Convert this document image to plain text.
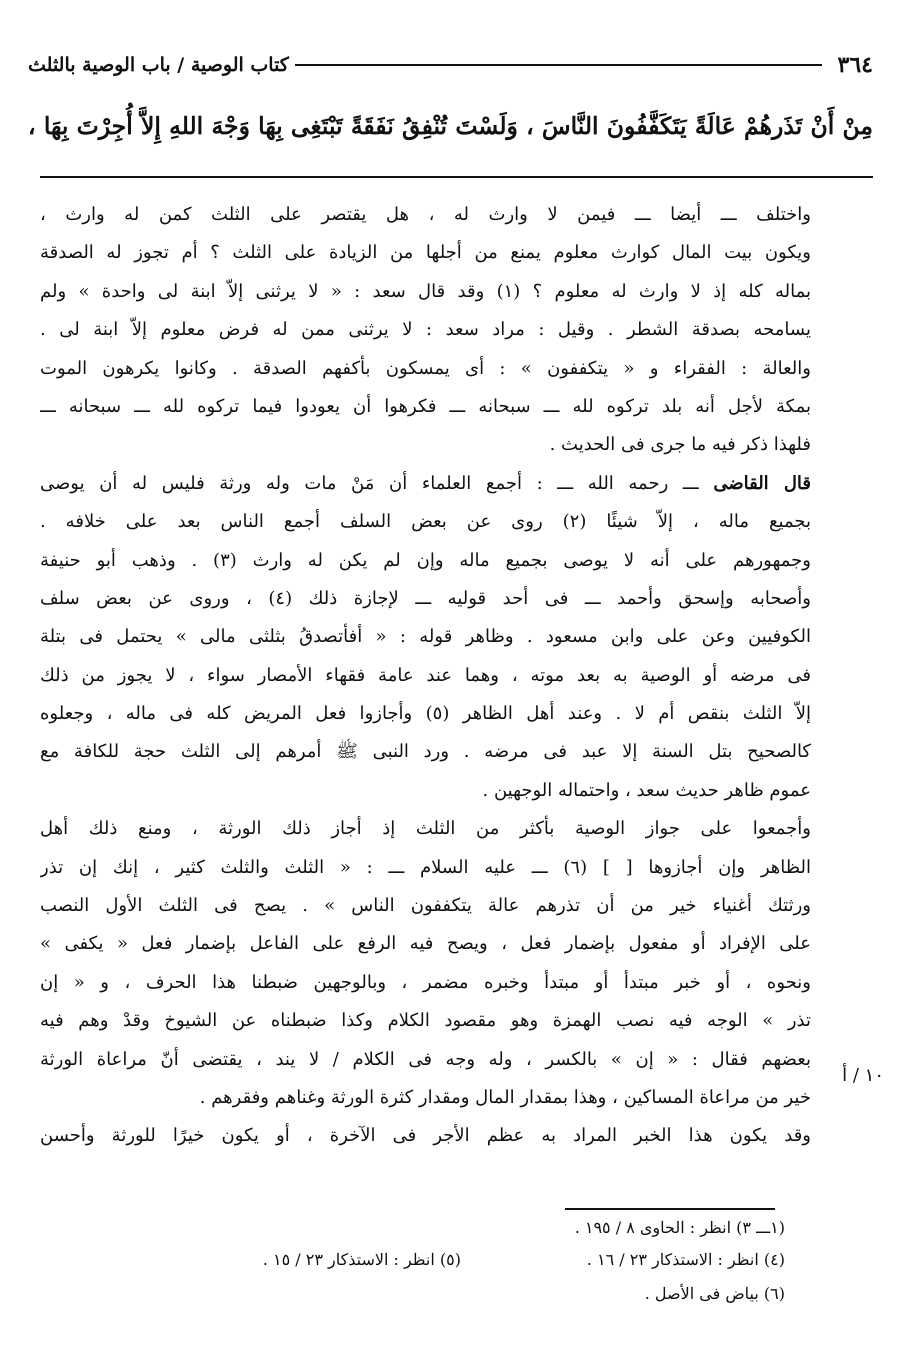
٣٦٤
كتاب الوصية / باب الوصية بالثلث
مِنْ أَنْ تَذَرهُمْ عَالَةً يَتَكَفَّفُونَ النَّاسَ ، وَلَسْتَ تُنْفِقُ نَفَقَةً تَبْتَغِى بِهَا وَجْهَ اللهِ إِلاَّ أُجِرْتَ بِهَا ،
واختلف ـــ أيضا ـــ فيمن لا وارث له ، هل يقتصر على الثلث كمن له وارث ،
ويكون بيت المال كوارث معلوم يمنع من أجلها من الزيادة على الثلث ؟ أم تجوز له الصدقة
بماله كله إذ لا وارث له معلوم ؟ (١) وقد قال سعد : « لا يرثنى إلاّ ابنة لى واحدة » ولم
يسامحه بصدقة الشطر . وقيل : مراد سعد : لا يرثنى ممن له فرض معلوم إلاّ ابنة لى .
والعالة : الفقراء و « يتكففون » : أى يمسكون بأكفهم الصدقة . وكانوا يكرهون الموت
بمكة لأجل أنه بلد تركوه لله ـــ سبحانه ـــ فكرهوا أن يعودوا فيما تركوه لله ـــ سبحانه ـــ
فلهذا ذكر فيه ما جرى فى الحديث .
قال القاضى ـــ رحمه الله ـــ : أجمع العلماء أن مَنْ مات وله ورثة فليس له أن يوصى
بجميع ماله ، إلاّ شيئًا (٢) روى عن بعض السلف أجمع الناس بعد على خلافه .
وجمهورهم على أنه لا يوصى بجميع ماله وإن لم يكن له وارث (٣) . وذهب أبو حنيفة
وأصحابه وإسحق وأحمد ـــ فى أحد قوليه ـــ لإجازة ذلك (٤) ، وروى عن بعض سلف
الكوفيين وعن على وابن مسعود . وظاهر قوله : « أفأتصدقُ بثلثى مالى » يحتمل فى بتلة
فى مرضه أو الوصية به بعد موته ، وهما عند عامة فقهاء الأمصار سواء ، لا يجوز من ذلك
إلاّ الثلث بنقص أم لا . وعند أهل الظاهر (٥) وأجازوا فعل المريض كله فى ماله ، وجعلوه
كالصحيح بتل السنة إلا عبد فى مرضه . ورد النبى ﷺ أمرهم إلى الثلث حجة للكافة مع
عموم ظاهر حديث سعد ، واحتماله الوجهين .
وأجمعوا على جواز الوصية بأكثر من الثلث إذ أجاز ذلك الورثة ، ومنع ذلك أهل
الظاهر وإن أجازوها [ ] (٦) ـــ عليه السلام ـــ : « الثلث والثلث كثير ، إنك إن تذر
ورثتك أغنياء خير من أن تذرهم عالة يتكففون الناس » . يصح فى الثلث الأول النصب
على الإفراد أو مفعول بإضمار فعل ، ويصح فيه الرفع على الفاعل بإضمار فعل « يكفى »
ونحوه ، أو خبر مبتدأ أو مبتدأ وخبره مضمر ، وبالوجهين ضبطنا هذا الحرف ، و « إن
تذر » الوجه فيه نصب الهمزة وهو مقصود الكلام وكذا ضبطناه عن الشيوخ وقدْ وهم فيه
بعضهم فقال : « إن » بالكسر ، وله وجه فى الكلام / لا يند ، يقتضى أنّ مراعاة الورثة
خير من مراعاة المساكين ، وهذا بمقدار المال ومقدار كثرة الورثة وغناهم وفقرهم .
وقد يكون هذا الخبر المراد به عظم الأجر فى الآخرة ، أو يكون خيرًا للورثة وأحسن
١٠ / أ
(١ـــ ٣) انظر : الحاوى ٨ / ١٩٥ .
(٤) انظر : الاستذكار ٢٣ / ١٦ .
(٥) انظر : الاستذكار ٢٣ / ١٥ .
(٦) بياض فى الأصل .
